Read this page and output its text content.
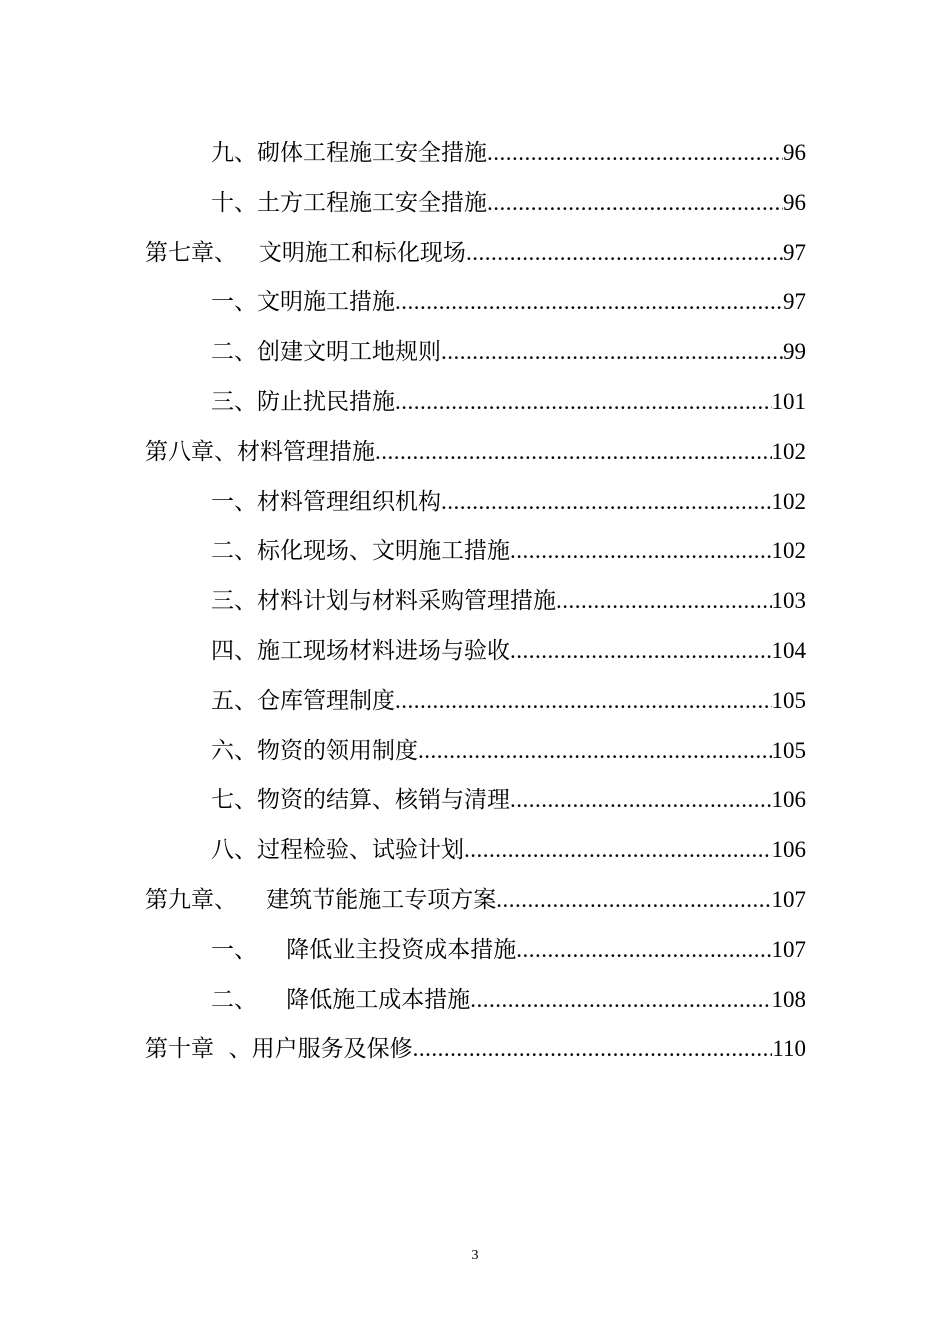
九、砌体工程施工安全措施 .....	96
十、土方工程施工安全措施 .....	96
第七章、   文明施工和标化现场 .....	97
一、文明施工措施 .....	97
二、创建文明工地规则 .....	99
三、防止扰民措施 .....	101
第八章、材料管理措施 .....	102
一、材料管理组织机构 .....	102
二、标化现场、文明施工措施 .....	102
三、材料计划与材料采购管理措施 .....	103
四、施工现场材料进场与验收 .....	104
五、仓库管理制度 .....	105
六、物资的领用制度 .....	105
七、物资的结算、核销与清理 .....	106
八、过程检验、试验计划 .....	106
第九章、    建筑节能施工专项方案 .....	107
一、    降低业主投资成本措施 .....	107
二、    降低施工成本措施 .....	108
第十章  、用户服务及保修 .....	110
3
